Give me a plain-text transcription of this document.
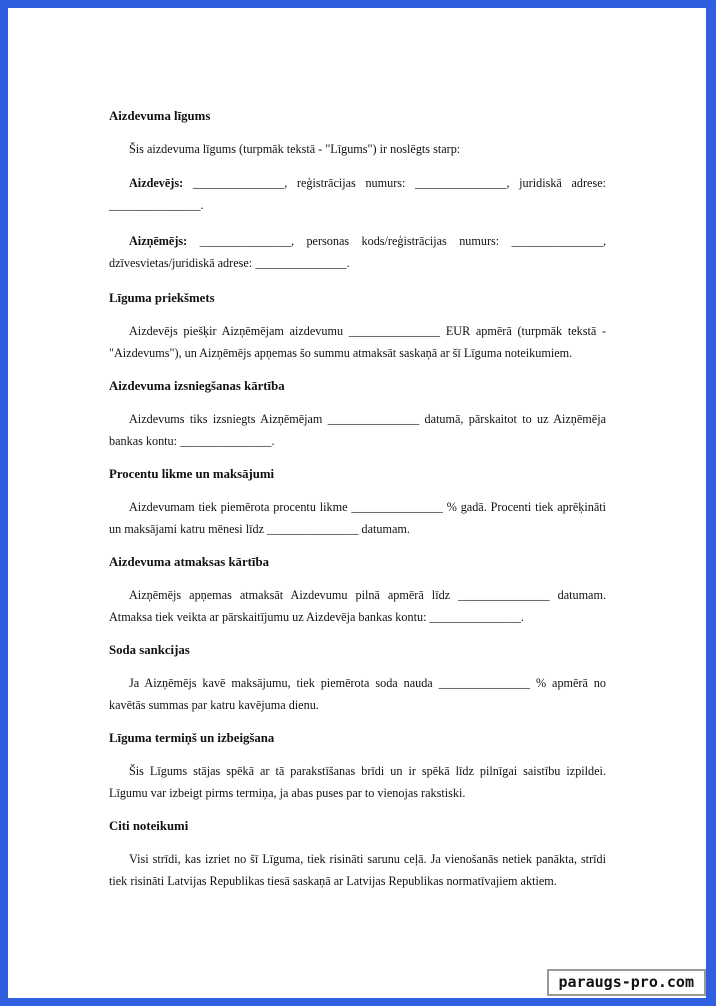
Aizdevuma līgums

Šis aizdevuma līgums (turpmāk tekstā - "Līgums") ir noslēgts starp:

Aizdevējs: _______________, reģistrācijas numurs: _______________, juridiskā adrese: _______________.

Aizņēmējs: _______________, personas kods/reģistrācijas numurs: _______________, dzīvesvietas/juridiskā adrese: _______________.

Līguma priekšmets

Aizdevējs piešķir Aizņēmējam aizdevumu _______________ EUR apmērā (turpmāk tekstā - "Aizdevums"), un Aizņēmējs apņemas šo summu atmaksāt saskaņā ar šī Līguma noteikumiem.

Aizdevuma izsniegšanas kārtība

Aizdevums tiks izsniegts Aizņēmējam _______________ datumā, pārskaitot to uz Aizņēmēja bankas kontu: _______________.

Procentu likme un maksājumi

Aizdevumam tiek piemērota procentu likme _______________ % gadā. Procenti tiek aprēķināti un maksājami katru mēnesi līdz _______________ datumam.

Aizdevuma atmaksas kārtība

Aizņēmējs apņemas atmaksāt Aizdevumu pilnā apmērā līdz _______________ datumam. Atmaksa tiek veikta ar pārskaitījumu uz Aizdevēja bankas kontu: _______________.

Soda sankcijas

Ja Aizņēmējs kavē maksājumu, tiek piemērota soda nauda _______________ % apmērā no kavētās summas par katru kavējuma dienu.

Līguma termiņš un izbeigšana

Šis Līgums stājas spēkā ar tā parakstīšanas brīdi un ir spēkā līdz pilnīgai saistību izpildei. Līgumu var izbeigt pirms termiņa, ja abas puses par to vienojas rakstiski.

Citi noteikumi

Visi strīdi, kas izriet no šī Līguma, tiek risināti sarunu ceļā. Ja vienošanās netiek panākta, strīdi tiek risināti Latvijas Republikas tiesā saskaņā ar Latvijas Republikas normatīvajiem aktiem.

paraugs-pro.com
